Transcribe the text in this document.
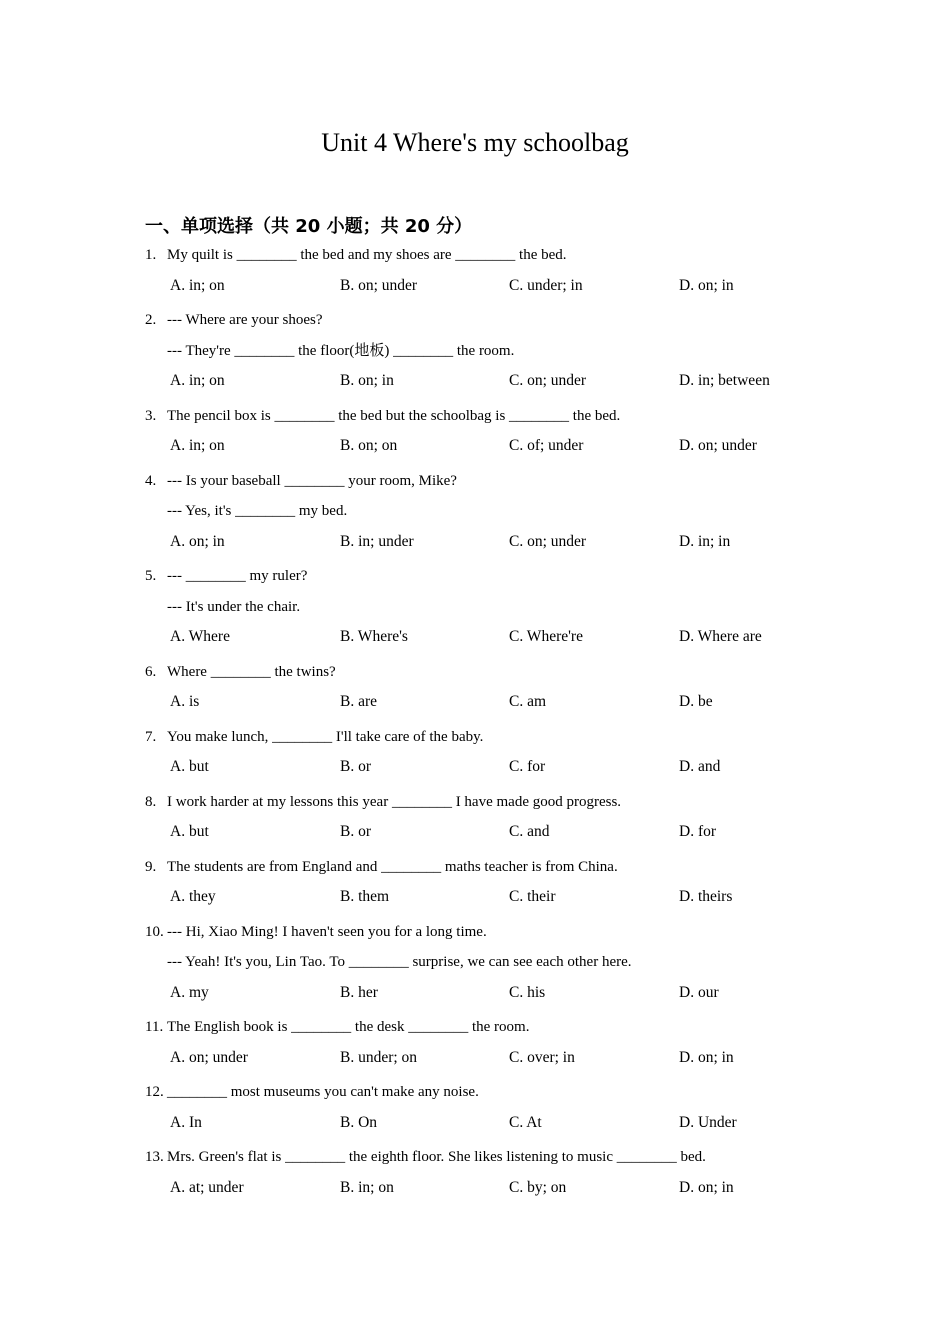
Unit 4 Where's my schoolbag
一、单项选择（共 20 小题；共 20 分）
1. My quilt is ________ the bed and my shoes are ________ the bed.
A. in; on	B. on; under	C. under; in	D. on; in
2. --- Where are your shoes?
--- They're ________ the floor(地板) ________ the room.
A. in; on	B. on; in	C. on; under	D. in; between
3. The pencil box is ________ the bed but the schoolbag is ________ the bed.
A. in; on	B. on; on	C. of; under	D. on; under
4. --- Is your baseball ________ your room, Mike?
--- Yes, it's ________ my bed.
A. on; in	B. in; under	C. on; under	D. in; in
5. --- ________ my ruler?
--- It's under the chair.
A. Where	B. Where's	C. Where're	D. Where are
6. Where ________ the twins?
A. is	B. are	C. am	D. be
7. You make lunch, ________ I'll take care of the baby.
A. but	B. or	C. for	D. and
8. I work harder at my lessons this year ________ I have made good progress.
A. but	B. or	C. and	D. for
9. The students are from England and ________ maths teacher is from China.
A. they	B. them	C. their	D. theirs
10. --- Hi, Xiao Ming! I haven't seen you for a long time.
--- Yeah! It's you, Lin Tao. To ________ surprise, we can see each other here.
A. my	B. her	C. his	D. our
11. The English book is ________ the desk ________ the room.
A. on; under	B. under; on	C. over; in	D. on; in
12. ________ most museums you can't make any noise.
A. In	B. On	C. At	D. Under
13. Mrs. Green's flat is ________ the eighth floor. She likes listening to music ________ bed.
A. at; under	B. in; on	C. by; on	D. on; in
